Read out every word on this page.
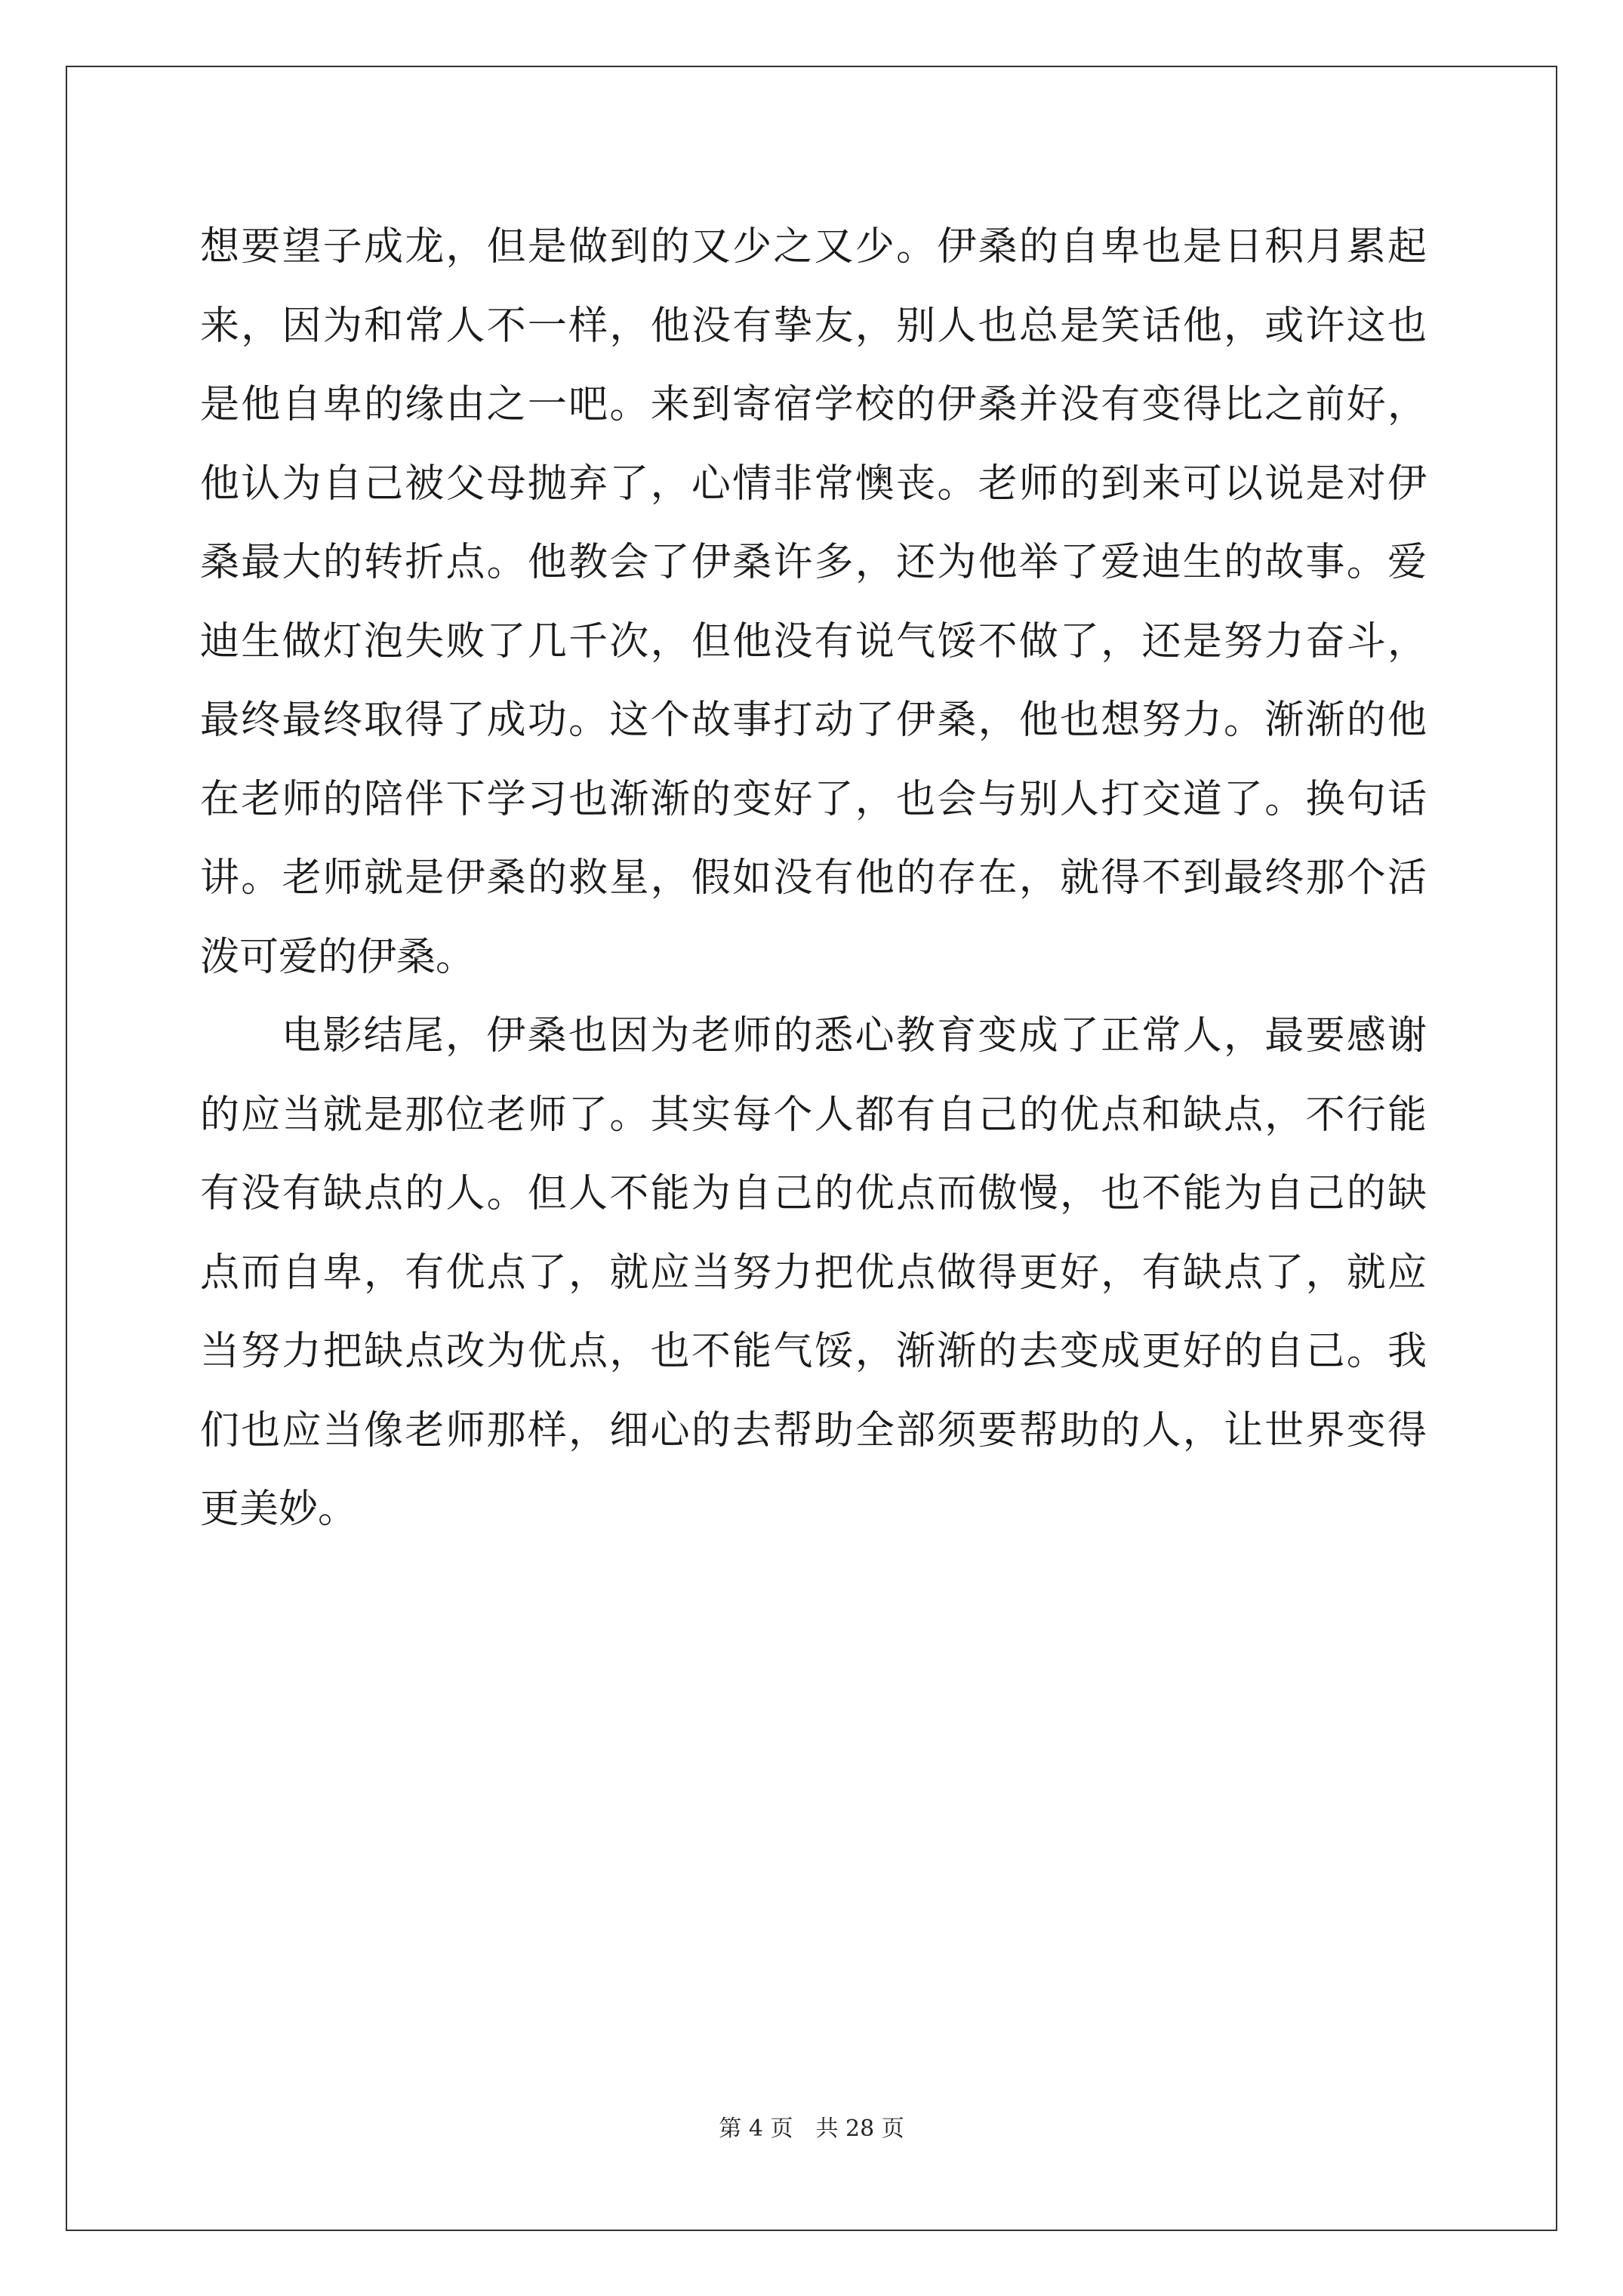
想要望子成龙，但是做到的又少之又少。伊桑的自卑也是日积月累起
来，因为和常人不一样，他没有挚友，别人也总是笑话他，或许这也
是他自卑的缘由之一吧。来到寄宿学校的伊桑并没有变得比之前好，
他认为自己被父母抛弃了，心情非常懊丧。老师的到来可以说是对伊
桑最大的转折点。他教会了伊桑许多，还为他举了爱迪生的故事。爱
迪生做灯泡失败了几千次，但他没有说气馁不做了，还是努力奋斗，
最终最终取得了成功。这个故事打动了伊桑，他也想努力。渐渐的他
在老师的陪伴下学习也渐渐的变好了，也会与别人打交道了。换句话
讲。老师就是伊桑的救星，假如没有他的存在，就得不到最终那个活
泼可爱的伊桑。
电影结尾，伊桑也因为老师的悉心教育变成了正常人，最要感谢
的应当就是那位老师了。其实每个人都有自己的优点和缺点，不行能
有没有缺点的人。但人不能为自己的优点而傲慢，也不能为自己的缺
点而自卑，有优点了，就应当努力把优点做得更好，有缺点了，就应
当努力把缺点改为优点，也不能气馁，渐渐的去变成更好的自己。我
们也应当像老师那样，细心的去帮助全部须要帮助的人，让世界变得
更美妙。
第 4 页 共 28 页
